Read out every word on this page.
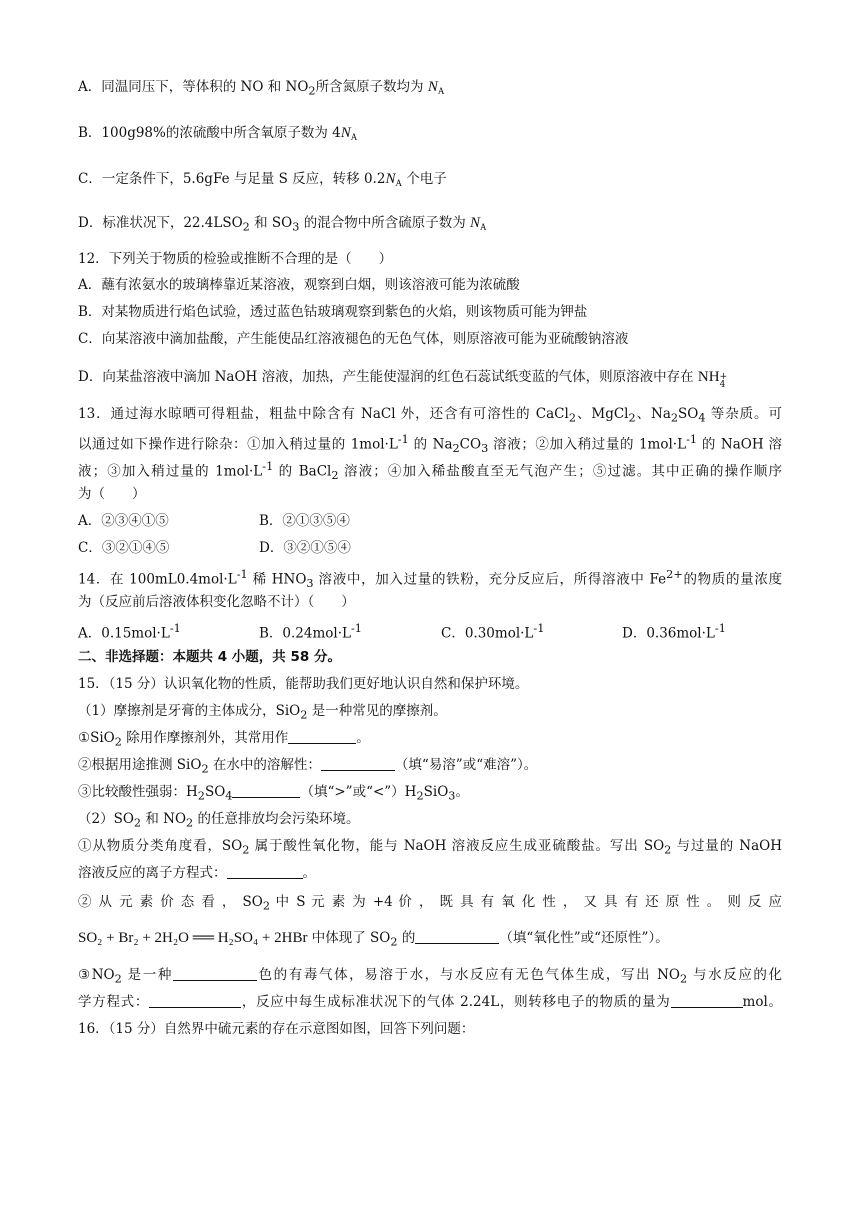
A．同温同压下，等体积的 NO 和 $NO_2$所含氮原子数均为 $N_A$
B．100g98%的浓硫酸中所含氧原子数为 $4N_A$
C．一定条件下，5.6gFe 与足量 S 反应，转移 $0.2N_A$ 个电子
D．标准状况下，$22.4LSO_2$ 和 $SO_3$ 的混合物中所含硫原子数为 $N_A$
12．下列关于物质的检验或推断不合理的是（　　）
A．蘸有浓氨水的玻璃棒靠近某溶液，观察到白烟，则该溶液可能为浓硫酸
B．对某物质进行焰色试验，透过蓝色钴玻璃观察到紫色的火焰，则该物质可能为钾盐
C．向某溶液中滴加盐酸，产生能使品红溶液褪色的无色气体，则原溶液可能为亚硫酸钠溶液
D．向某盐溶液中滴加 NaOH 溶液，加热，产生能使湿润的红色石蕊试纸变蓝的气体，则原溶液中存在 NH +
4
13．通过海水晾晒可得粗盐，粗盐中除含有 NaCl 外，还含有可溶性的 CaCl$_2$、MgCl$_2$、$Na_2SO_4$ 等杂质。可
以通过如下操作进行除杂：①加入稍过量的 $1mol\cdot L^{-1}$ 的 $Na_2CO_3$ 溶液；②加入稍过量的 $1mol\cdot L^{-1}$ 的 NaOH 溶
液；③加入稍过量的 $1mol\cdot L^{-1}$ 的 BaCl$_2$ 溶液；④加入稀盐酸直至无气泡产生；⑤过滤。其中正确的操作顺序
为（　　）
A．②③④①⑤	B．②①③⑤④
C．③②①④⑤	D．③②①⑤④
14．在 $100mL0.4mol\cdot L^{-1}$ 稀 $HNO_3$ 溶液中，加入过量的铁粉，充分反应后，所得溶液中 $Fe^{2+}$的物质的量浓度
为（反应前后溶液体积变化忽略不计）（　　）
A．$0.15mol\cdot L^{-1}$	B．$0.24mol\cdot L^{-1}$	C．$0.30mol\cdot L^{-1}$	D．$0.36mol\cdot L^{-1}$
二、非选择题：本题共 4 小题，共 58 分。
15．（15 分）认识氧化物的性质，能帮助我们更好地认识自然和保护环境。
（1）摩擦剂是牙膏的主体成分，SiO$_2$ 是一种常见的摩擦剂。
①SiO$_2$ 除用作摩擦剂外，其常用作	。
②根据用途推测 SiO$_2$ 在水中的溶解性：	（填“易溶”或“难溶”）。
③比较酸性强弱：$H_2SO_4$	（填“>”或“$<”)H_2SiO_3$。
$(2)SO_2$ 和 $NO_2$ 的任意排放均会污染环境。
①从物质分类角度看，$SO_2$ 属于酸性氧化物，能与 NaOH 溶液反应生成亚硫酸盐。写出 $SO_2$ 与过量的 NaOH
溶液反应的离子方程式：	。
② 从 元 素 价 态 看 ， $SO_2$ 中 S 元 素 为 +4 价 ， 既 具 有 氧 化 性 ， 又 具 有 还 原 性 。 则 反 应
SO₂ + Br₂ + 2H₂O ══ H₂SO₄ + 2HBr 中体现了 $SO_2$ 的	（填“氧化性”或“还原性”）。
$③NO_2$ 是一种	色的有毒气体，易溶于水，与水反应有无色气体生成，写出 $NO_2$ 与水反应的化
学方程式：	，反应中每生成标准状况下的气体 2.24L，则转移电子的物质的量为	mol。
16．（15 分）自然界中硫元素的存在示意图如图，回答下列问题：
